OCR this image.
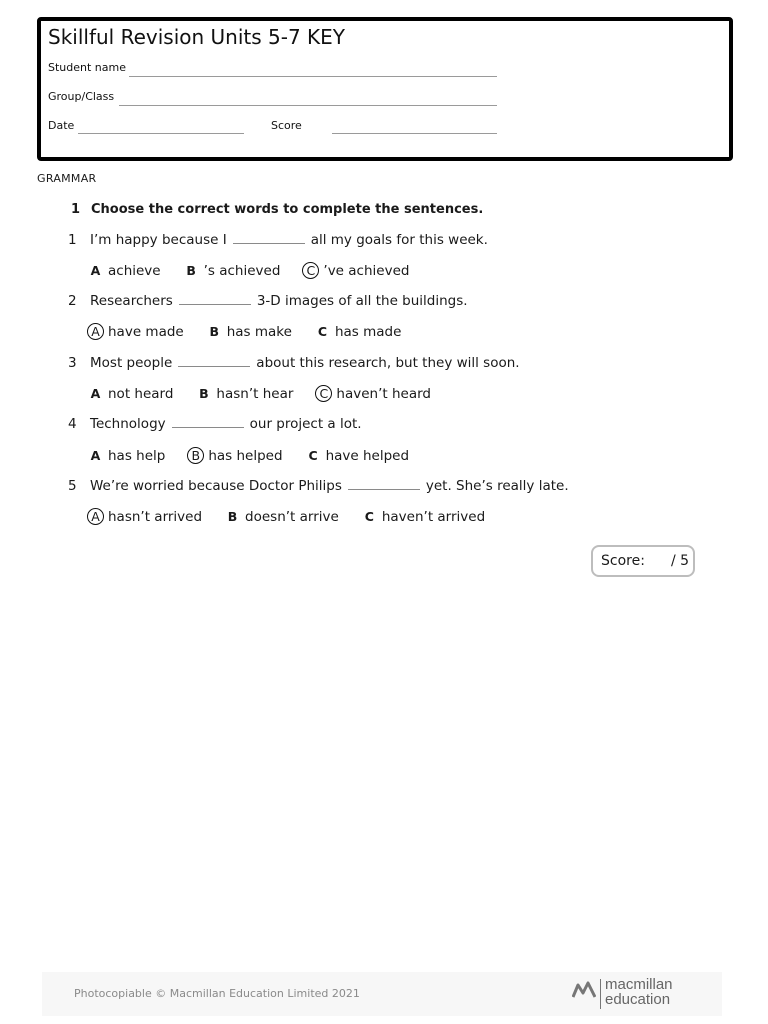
Skillful Revision Units 5-7 KEY
Student name
Group/Class
Date	Score
GRAMMAR
1 Choose the correct words to complete the sentences.
1 I’m happy because I	all my goals for this week.
A achieve B ’s achieved	C ’ve achieved
2 Researchers	3-D images of all the buildings.
A have made B has make	C has made
3 Most people	about this research, but they will soon.
A not heard B hasn’t hear	C haven’t heard
4 Technology	our project a lot.
A has help	B has helped	C have helped
5 We’re worried because Doctor Philips	yet. She’s really late.
A hasn’t arrived B doesn’t arrive	C haven’t arrived
Score: / 5
Photocopiable © Macmillan Education Limited 2021
macmillan
education
